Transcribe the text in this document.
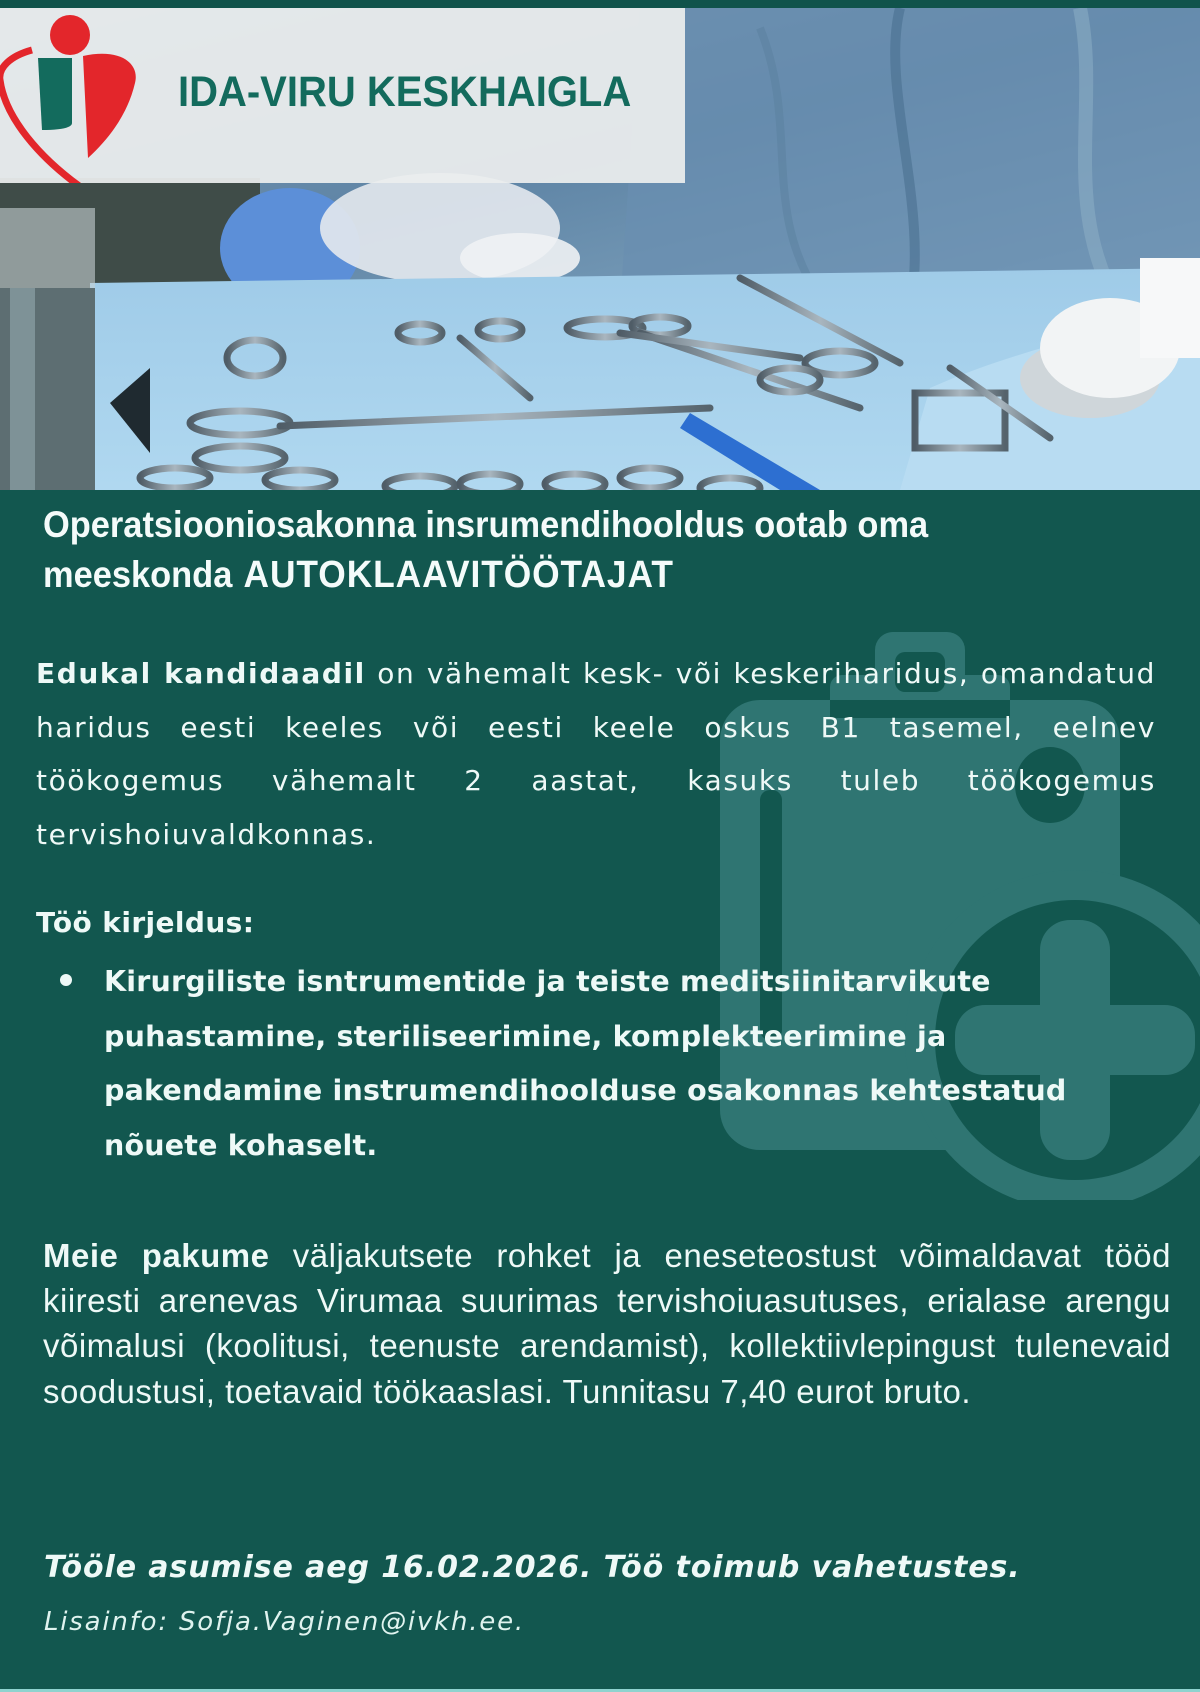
IDA-VIRU KESKHAIGLA
Operatsiooniosakonna insrumendihooldus ootab oma
meeskonda AUTOKLAAVITÖÖTAJAT

Edukal kandidaadil on vähemalt kesk- või keskeriharidus, omandatud haridus eesti keeles või eesti keele oskus B1 tasemel, eelnev töökogemus vähemalt 2 aastat, kasuks tuleb töökogemus tervishoiuvaldkonnas.

Töö kirjeldus:
Kirurgiliste isntrumentide ja teiste meditsiinitarvikute puhastamine, steriliseerimine, komplekteerimine ja pakendamine instrumendihoolduse osakonnas kehtestatud nõuete kohaselt.

Meie pakume väljakutsete rohket ja eneseteostust võimaldavat tööd kiiresti arenevas Virumaa suurimas tervishoiuasutuses, erialase arengu võimalusi (koolitusi, teenuste arendamist), kollektiivlepingust tulenevaid soodustusi, toetavaid töökaaslasi. Tunnitasu 7,40 eurot bruto.

Tööle asumise aeg 16.02.2026. Töö toimub vahetustes.
Lisainfo: Sofja.Vaginen@ivkh.ee.
